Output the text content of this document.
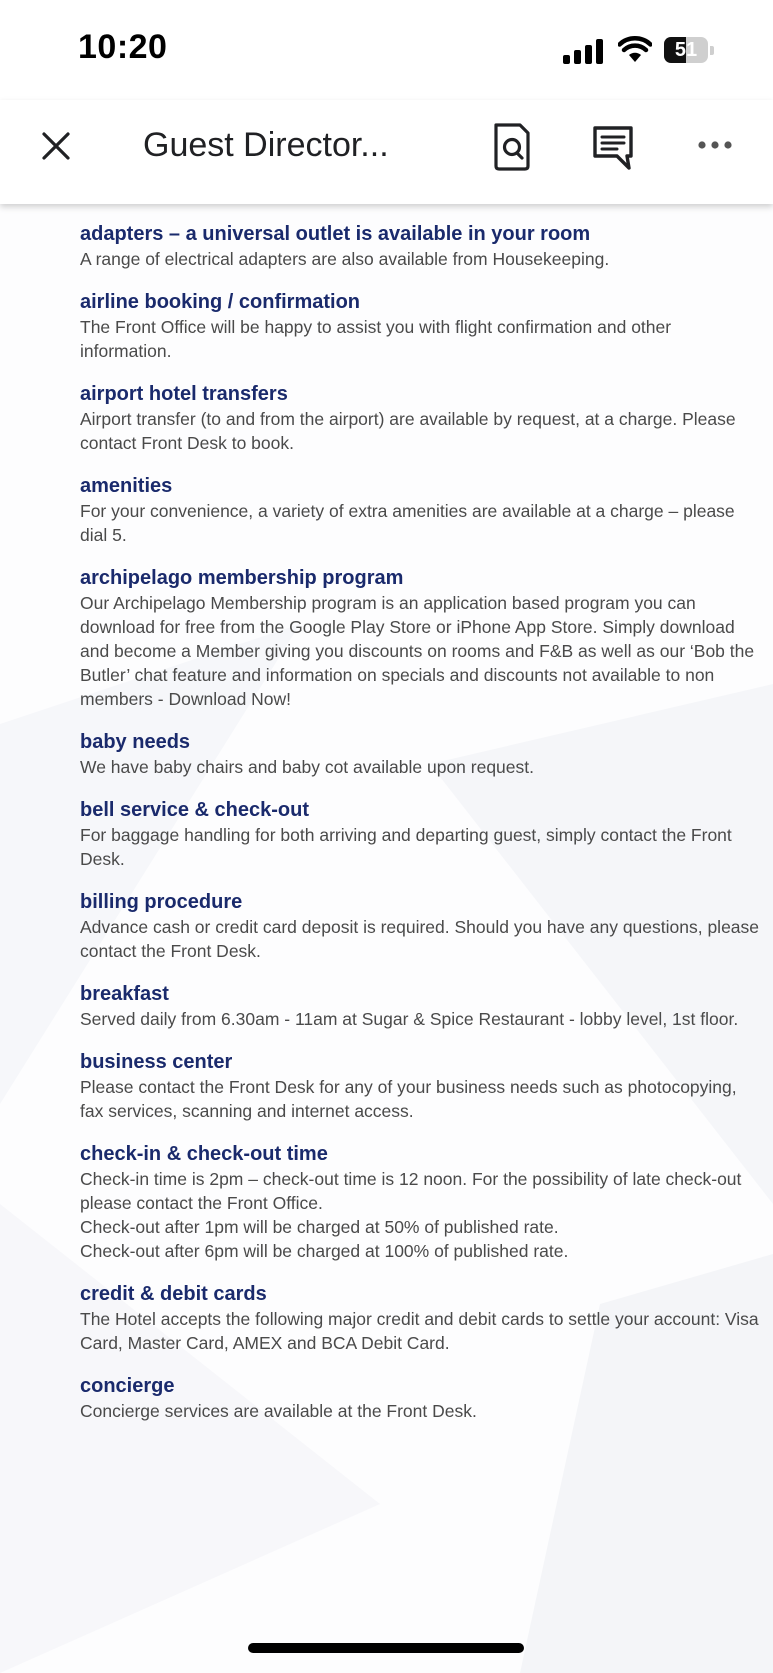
10:20	51
Guest Director...

adapters – a universal outlet is available in your room

A range of electrical adapters are also available from Housekeeping.

airline booking / confirmation

The Front Office will be happy to assist you with flight confirmation and other information.

airport hotel transfers

Airport transfer (to and from the airport) are available by request, at a charge. Please contact Front Desk to book.

amenities

For your convenience, a variety of extra amenities are available at a charge – please dial 5.

archipelago membership program

Our Archipelago Membership program is an application based program you can download for free from the Google Play Store or iPhone App Store. Simply download and become a Member giving you discounts on rooms and F&B as well as our ‘Bob the Butler’ chat feature and information on specials and discounts not available to non members - Download Now!

baby needs

We have baby chairs and baby cot available upon request.

bell service & check-out

For baggage handling for both arriving and departing guest, simply contact the Front Desk.

billing procedure

Advance cash or credit card deposit is required. Should you have any questions, please contact the Front Desk.

breakfast

Served daily from 6.30am - 11am at Sugar & Spice Restaurant - lobby level, 1st floor.

business center

Please contact the Front Desk for any of your business needs such as photocopying, fax services, scanning and internet access.

check-in & check-out time

Check-in time is 2pm – check-out time is 12 noon. For the possibility of late check-out please contact the Front Office.
Check-out after 1pm will be charged at 50% of published rate.
Check-out after 6pm will be charged at 100% of published rate.

credit & debit cards

The Hotel accepts the following major credit and debit cards to settle your account: Visa Card, Master Card, AMEX and BCA Debit Card.

concierge

Concierge services are available at the Front Desk.
